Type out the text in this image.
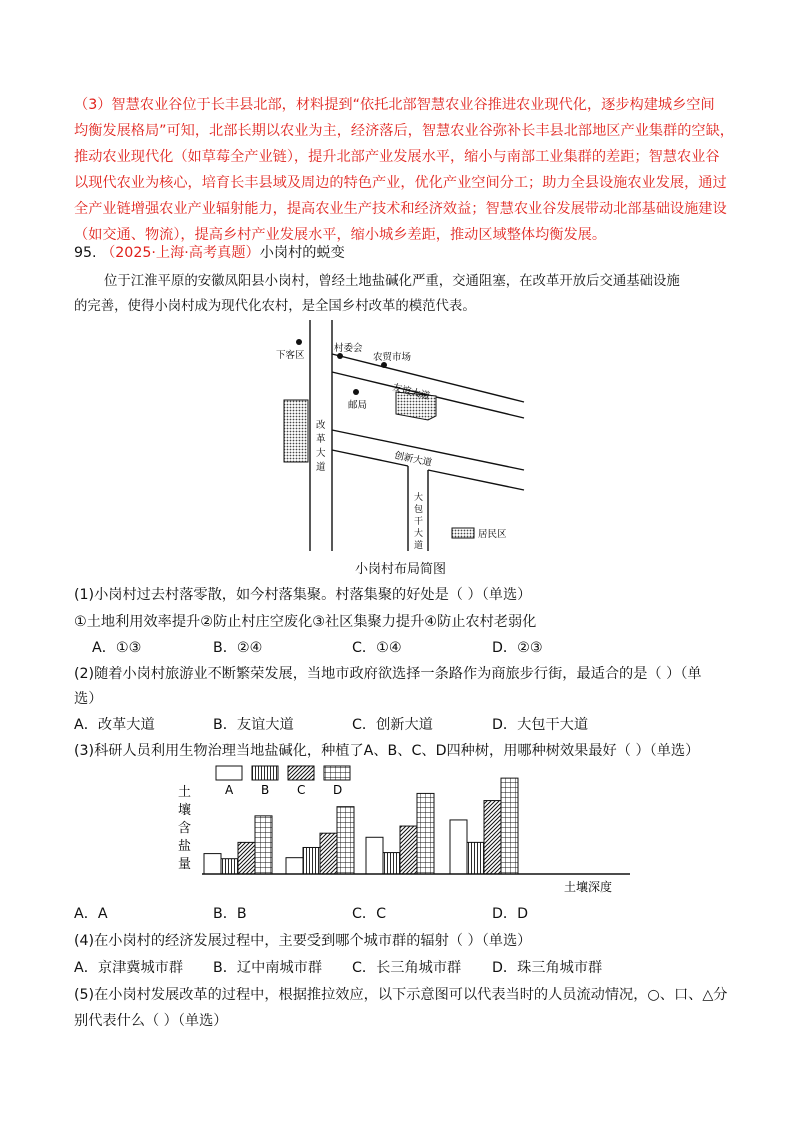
（3）智慧农业谷位于长丰县北部，材料提到“依托北部智慧农业谷推进农业现代化，逐步构建城乡空间

均衡发展格局”可知，北部长期以农业为主，经济落后，智慧农业谷弥补长丰县北部地区产业集群的空缺，

推动农业现代化（如草莓全产业链），提升北部产业发展水平，缩小与南部工业集群的差距；智慧农业谷

以现代农业为核心，培育长丰县域及周边的特色产业，优化产业空间分工；助力全县设施农业发展，通过

全产业链增强农业产业辐射能力，提高农业生产技术和经济效益；智慧农业谷发展带动北部基础设施建设

（如交通、物流），提高乡村产业发展水平，缩小城乡差距，推动区域整体均衡发展。

95. （2025·上海·高考真题）小岗村的蜕变
位于江淮平原的安徽凤阳县小岗村，曾经土地盐碱化严重，交通阻塞，在改革开放后交通基础设施
的完善，使得小岗村成为现代化农村，是全国乡村改革的模范代表。
下客区
村委会
农贸市场
友谊大道
邮局
创新大道
改
革
大
道
大
包
干
大
道
居民区
小岗村布局简图
(1)小岗村过去村落零散，如今村落集聚。村落集聚的好处是（ ）（单选）
①土地利用效率提升②防止村庄空废化③社区集聚力提升④防止农村老弱化
A．①③	B．②④	C．①④	D．②③
(2)随着小岗村旅游业不断繁荣发展，当地市政府欲选择一条路作为商旅步行街，最适合的是（ ）（单
选）
A．改革大道	B．友谊大道	C．创新大道	D．大包干大道
(3)科研人员利用生物治理当地盐碱化，种植了A、B、C、D四种树，用哪种树效果最好（ ）（单选）
A B C D
土
壤
含
盐
量
土壤深度
A．A	B．B	C．C	D．D
(4)在小岗村的经济发展过程中，主要受到哪个城市群的辐射（ ）（单选）
A．京津冀城市群 B．辽中南城市群 C．长三角城市群 D．珠三角城市群
(5)在小岗村发展改革的过程中，根据推拉效应，以下示意图可以代表当时的人员流动情况，○、口、△分
别代表什么（ ）（单选）
